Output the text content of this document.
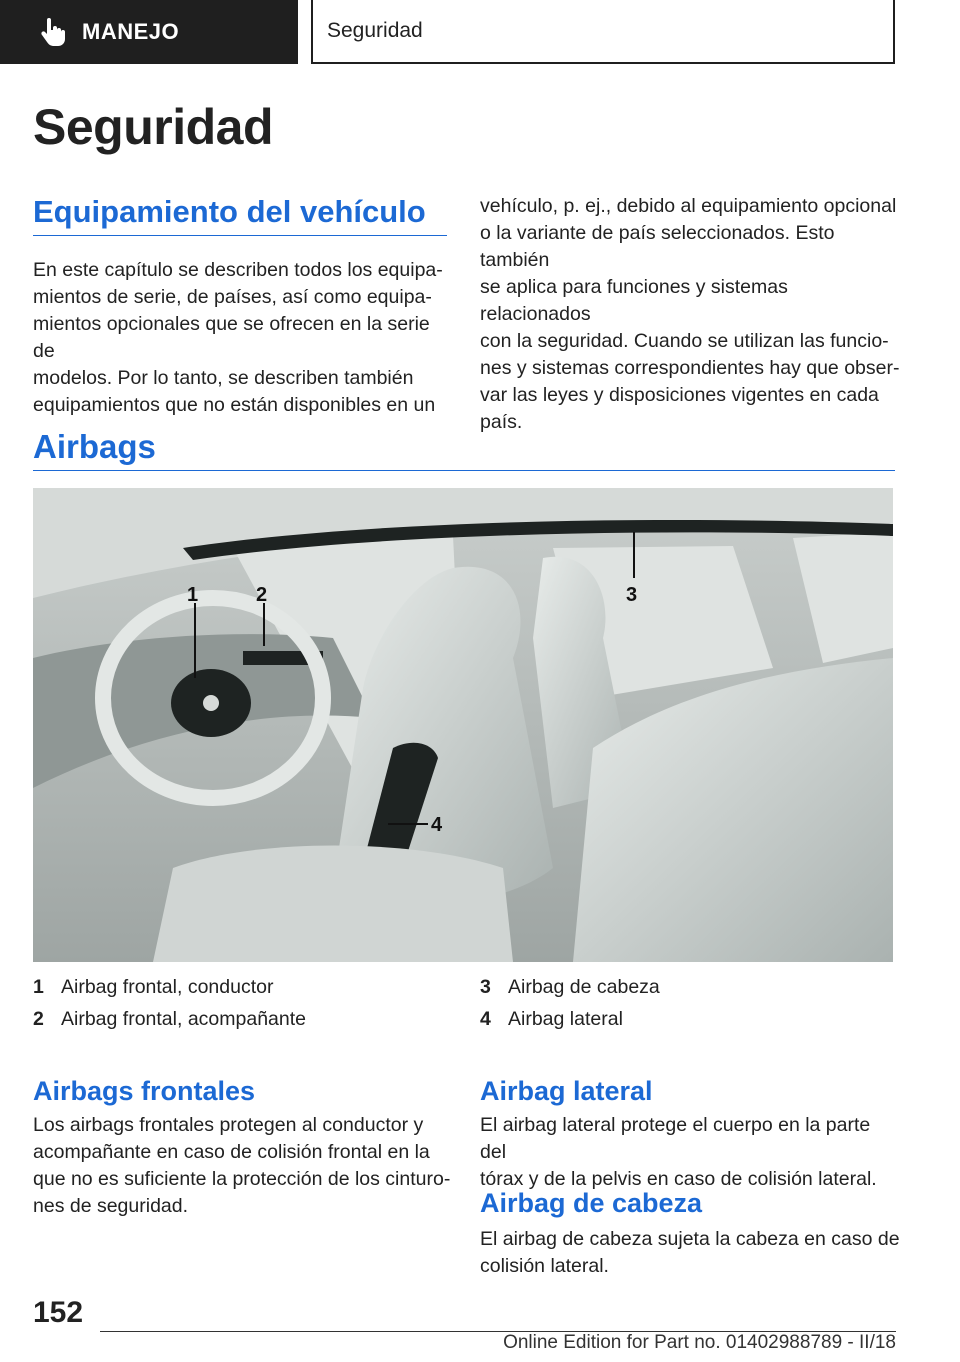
MANEJO	Seguridad
Seguridad
Equipamiento del vehículo
En este capítulo se describen todos los equipa-
mientos de serie, de países, así como equipa-
mientos opcionales que se ofrecen en la serie de
modelos. Por lo tanto, se describen también
equipamientos que no están disponibles en un
vehículo, p. ej., debido al equipamiento opcional
o la variante de país seleccionados. Esto también
se aplica para funciones y sistemas relacionados
con la seguridad. Cuando se utilizan las funcio-
nes y sistemas correspondientes hay que obser-
var las leyes y disposiciones vigentes en cada
país.
Airbags
1	2	3
4
1 Airbag frontal, conductor
2 Airbag frontal, acompañante
3 Airbag de cabeza
4 Airbag lateral
Airbags frontales
Los airbags frontales protegen al conductor y
acompañante en caso de colisión frontal en la
que no es suficiente la protección de los cinturo-
nes de seguridad.
Airbag lateral
El airbag lateral protege el cuerpo en la parte del
tórax y de la pelvis en caso de colisión lateral.
Airbag de cabeza
El airbag de cabeza sujeta la cabeza en caso de
colisión lateral.
152
Online Edition for Part no. 01402988789 - II/18
